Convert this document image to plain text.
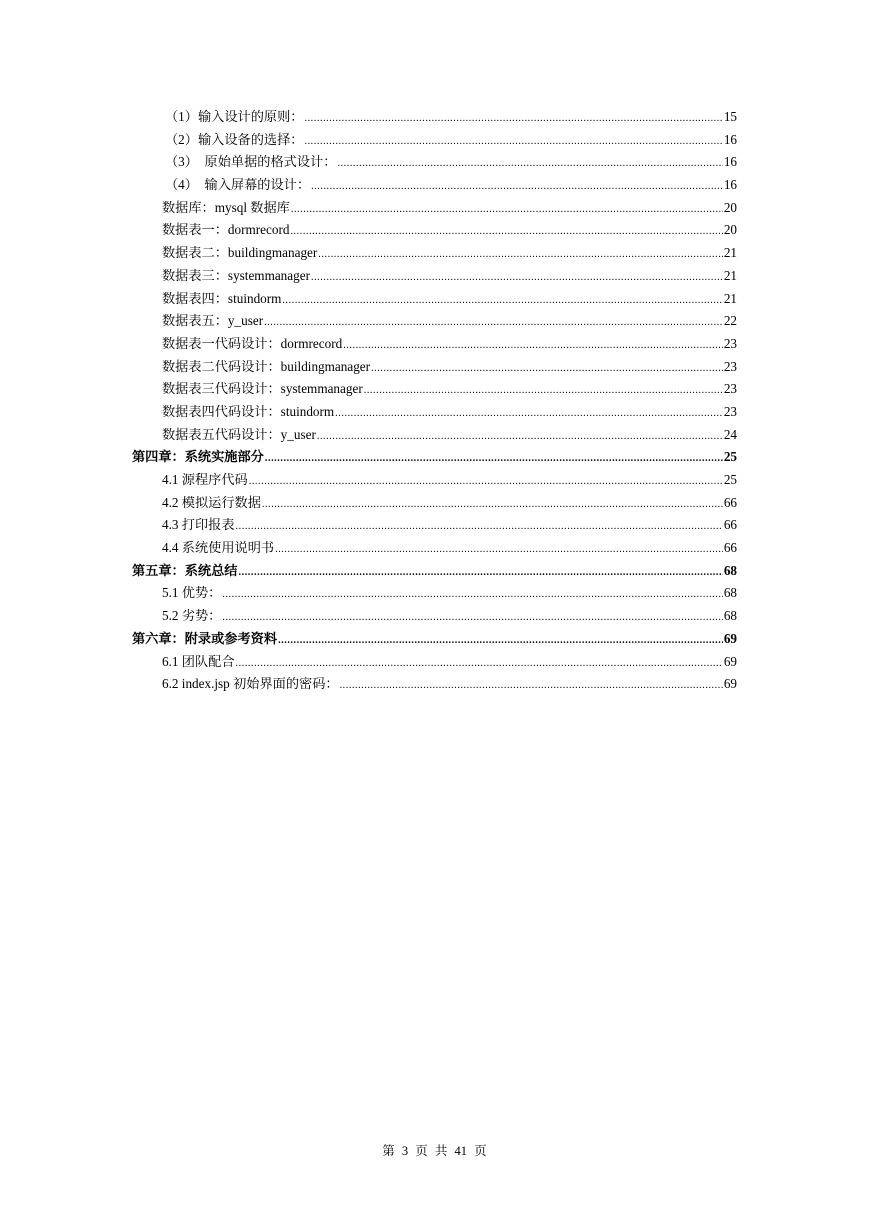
（1）输入设计的原则： .....	15
（2）输入设备的选择： .....	16
（3）　原始单据的格式设计： .....	16
（4）　输入屏幕的设计： .....	16
数据库：mysql 数据库 .....	20
数据表一：dormrecord .....	20
数据表二：buildingmanager .....	21
数据表三：systemmanager .....	21
数据表四：stuindorm .....	21
数据表五：y_user .....	22
数据表一代码设计：dormrecord .....	23
数据表二代码设计：buildingmanager .....	23
数据表三代码设计：systemmanager .....	23
数据表四代码设计：stuindorm .....	23
数据表五代码设计：y_user .....	24
第四章：系统实施部分 .....	25
4.1 源程序代码 .....	25
4.2 模拟运行数据 .....	66
4.3 打印报表 .....	66
4.4 系统使用说明书 .....	66
第五章：系统总结 .....	68
5.1 优势： .....	68
5.2 劣势： .....	68
第六章：附录或参考资料 .....	69
6.1 团队配合 .....	69
6.2 index.jsp 初始界面的密码： .....	69
第 3 页 共 41 页
